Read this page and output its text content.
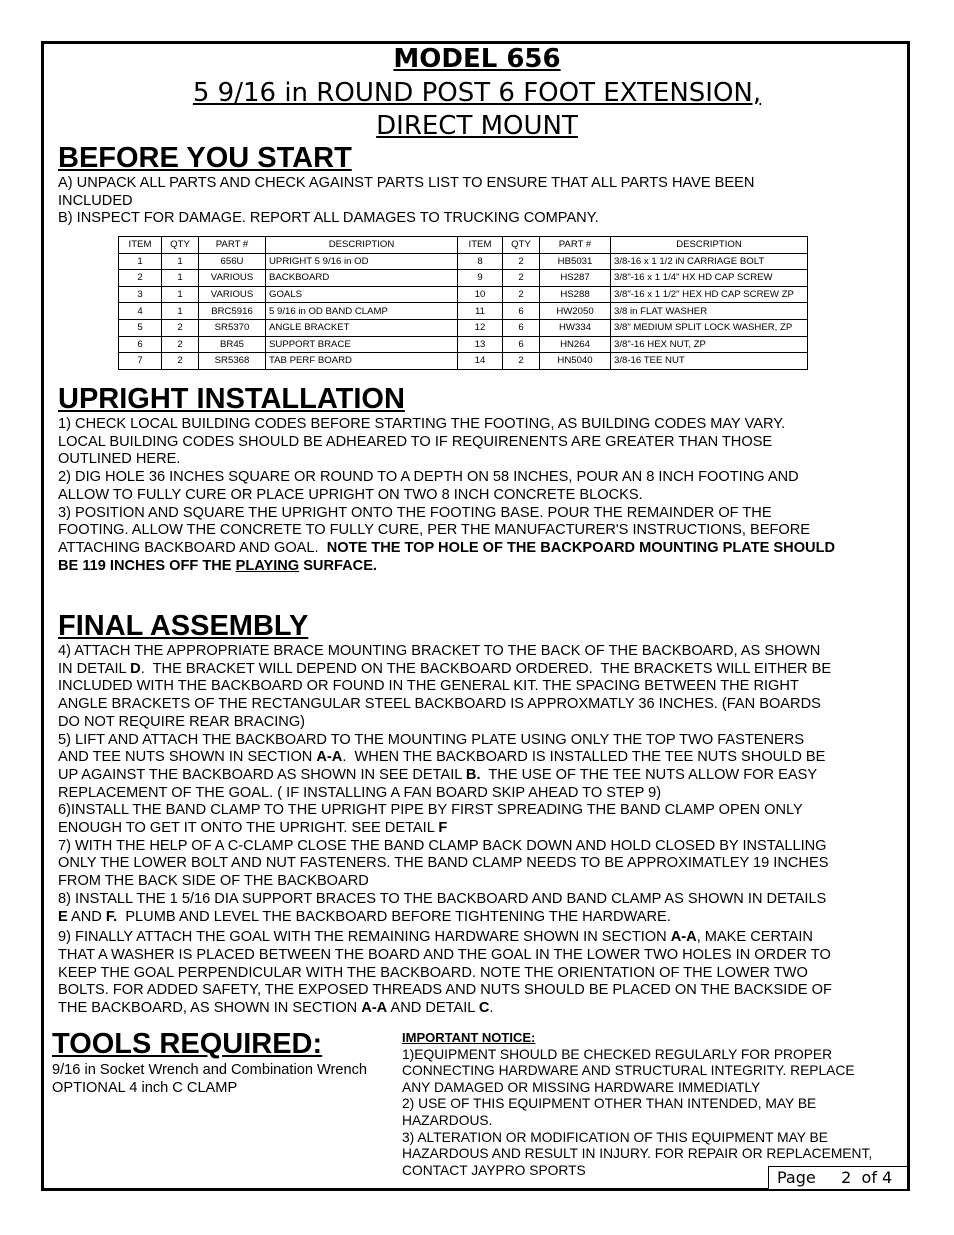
MODEL 656
5 9/16 in ROUND POST 6 FOOT EXTENSION,
DIRECT MOUNT
BEFORE YOU START
A) UNPACK ALL PARTS AND CHECK AGAINST PARTS LIST TO ENSURE THAT ALL PARTS HAVE BEEN
INCLUDED
B) INSPECT FOR DAMAGE. REPORT ALL DAMAGES TO TRUCKING COMPANY.
ITEM	QTY	PART #	DESCRIPTION	ITEM	QTY	PART #	DESCRIPTION
1	1	656U	UPRIGHT 5 9/16 in OD	8	2	HB5031	3/8-16 x 1 1/2 iN CARRIAGE BOLT
2	1	VARIOUS	BACKBOARD	9	2	HS287	3/8"-16 x 1 1/4" HX HD CAP SCREW
3	1	VARIOUS	GOALS	10	2	HS288	3/8"-16 x 1 1/2" HEX HD CAP SCREW ZP
4	1	BRC5916	5 9/16 in OD BAND CLAMP	11	6	HW2050	3/8 in FLAT WASHER
5	2	SR5370	ANGLE BRACKET	12	6	HW334	3/8" MEDIUM SPLIT LOCK WASHER, ZP
6	2	BR45	SUPPORT BRACE	13	6	HN264	3/8"-16 HEX NUT, ZP
7	2	SR5368	TAB PERF BOARD	14	2	HN5040	3/8-16 TEE NUT
UPRIGHT INSTALLATION
1) CHECK LOCAL BUILDING CODES BEFORE STARTING THE FOOTING, AS BUILDING CODES MAY VARY.
LOCAL BUILDING CODES SHOULD BE ADHEARED TO IF REQUIRENENTS ARE GREATER THAN THOSE
OUTLINED HERE.
2) DIG HOLE 36 INCHES SQUARE OR ROUND TO A DEPTH ON 58 INCHES, POUR AN 8 INCH FOOTING AND
ALLOW TO FULLY CURE OR PLACE UPRIGHT ON TWO 8 INCH CONCRETE BLOCKS.
3) POSITION AND SQUARE THE UPRIGHT ONTO THE FOOTING BASE. POUR THE REMAINDER OF THE
FOOTING. ALLOW THE CONCRETE TO FULLY CURE, PER THE MANUFACTURER'S INSTRUCTIONS, BEFORE
ATTACHING BACKBOARD AND GOAL.  NOTE THE TOP HOLE OF THE BACKPOARD MOUNTING PLATE SHOULD
BE 119 INCHES OFF THE PLAYING SURFACE.
FINAL ASSEMBLY
4) ATTACH THE APPROPRIATE BRACE MOUNTING BRACKET TO THE BACK OF THE BACKBOARD, AS SHOWN
IN DETAIL D.  THE BRACKET WILL DEPEND ON THE BACKBOARD ORDERED.  THE BRACKETS WILL EITHER BE
INCLUDED WITH THE BACKBOARD OR FOUND IN THE GENERAL KIT. THE SPACING BETWEEN THE RIGHT
ANGLE BRACKETS OF THE RECTANGULAR STEEL BACKBOARD IS APPROXMATLY 36 INCHES. (FAN BOARDS
DO NOT REQUIRE REAR BRACING)
5) LIFT AND ATTACH THE BACKBOARD TO THE MOUNTING PLATE USING ONLY THE TOP TWO FASTENERS
AND TEE NUTS SHOWN IN SECTION A-A.  WHEN THE BACKBOARD IS INSTALLED THE TEE NUTS SHOULD BE
UP AGAINST THE BACKBOARD AS SHOWN IN SEE DETAIL B.  THE USE OF THE TEE NUTS ALLOW FOR EASY
REPLACEMENT OF THE GOAL. ( IF INSTALLING A FAN BOARD SKIP AHEAD TO STEP 9)
6)INSTALL THE BAND CLAMP TO THE UPRIGHT PIPE BY FIRST SPREADING THE BAND CLAMP OPEN ONLY
ENOUGH TO GET IT ONTO THE UPRIGHT. SEE DETAIL F
7) WITH THE HELP OF A C-CLAMP CLOSE THE BAND CLAMP BACK DOWN AND HOLD CLOSED BY INSTALLING
ONLY THE LOWER BOLT AND NUT FASTENERS. THE BAND CLAMP NEEDS TO BE APPROXIMATLEY 19 INCHES
FROM THE BACK SIDE OF THE BACKBOARD
8) INSTALL THE 1 5/16 DIA SUPPORT BRACES TO THE BACKBOARD AND BAND CLAMP AS SHOWN IN DETAILS
E AND F.  PLUMB AND LEVEL THE BACKBOARD BEFORE TIGHTENING THE HARDWARE.
9) FINALLY ATTACH THE GOAL WITH THE REMAINING HARDWARE SHOWN IN SECTION A-A, MAKE CERTAIN
THAT A WASHER IS PLACED BETWEEN THE BOARD AND THE GOAL IN THE LOWER TWO HOLES IN ORDER TO
KEEP THE GOAL PERPENDICULAR WITH THE BACKBOARD. NOTE THE ORIENTATION OF THE LOWER TWO
BOLTS. FOR ADDED SAFETY, THE EXPOSED THREADS AND NUTS SHOULD BE PLACED ON THE BACKSIDE OF
THE BACKBOARD, AS SHOWN IN SECTION A-A AND DETAIL C.
TOOLS REQUIRED:
9/16 in Socket Wrench and Combination Wrench
OPTIONAL 4 inch C CLAMP
IMPORTANT NOTICE:
1)EQUIPMENT SHOULD BE CHECKED REGULARLY FOR PROPER
CONNECTING HARDWARE AND STRUCTURAL INTEGRITY. REPLACE
ANY DAMAGED OR MISSING HARDWARE IMMEDIATLY
2) USE OF THIS EQUIPMENT OTHER THAN INTENDED, MAY BE
HAZARDOUS.
3) ALTERATION OR MODIFICATION OF THIS EQUIPMENT MAY BE
HAZARDOUS AND RESULT IN INJURY. FOR REPAIR OR REPLACEMENT,
CONTACT JAYPRO SPORTS	Page 2 of 4
